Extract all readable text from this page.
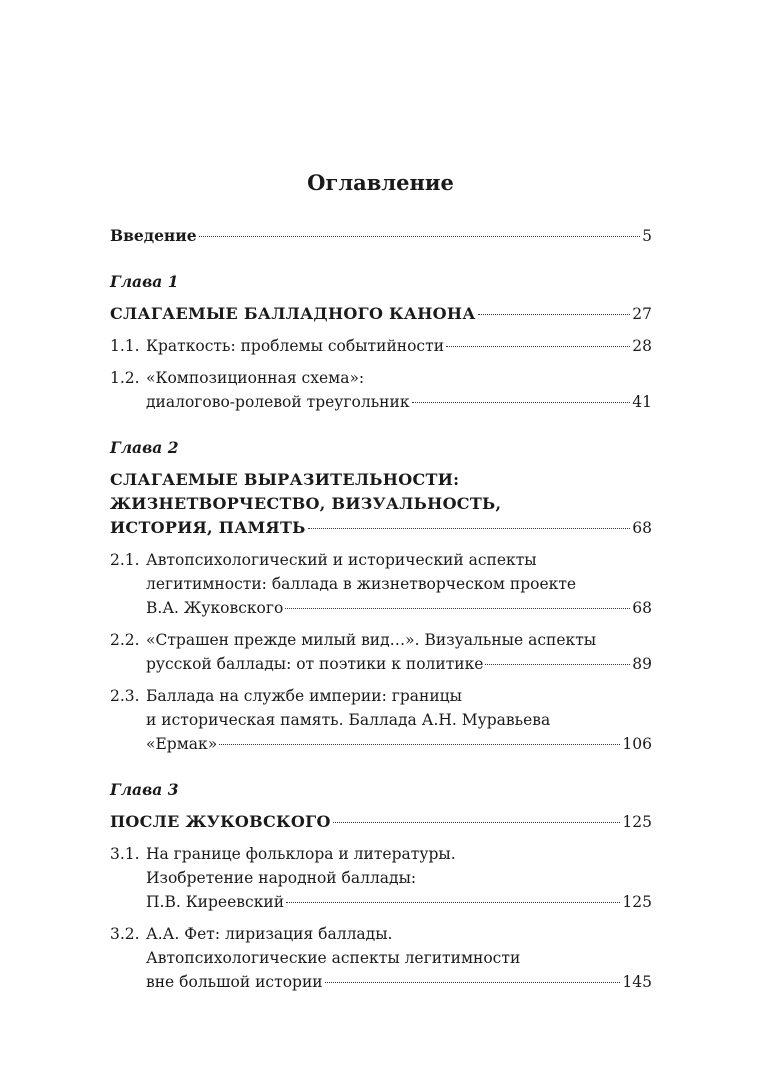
Оглавление
Введение	5
Глава 1
СЛАГАЕМЫЕ БАЛЛАДНОГО КАНОНА	27
1.1. Краткость: проблемы событийности	28
1.2. «Композиционная схема»:
диалогово-ролевой треугольник	41
Глава 2
СЛАГАЕМЫЕ ВЫРАЗИТЕЛЬНОСТИ:
ЖИЗНЕТВОРЧЕСТВО, ВИЗУАЛЬНОСТЬ,
ИСТОРИЯ, ПАМЯТЬ	68
2.1. Автопсихологический и исторический аспекты
легитимности: баллада в жизнетворческом проекте
В.А. Жуковского	68
2.2. «Страшен прежде милый вид…». Визуальные аспекты
русской баллады: от поэтики к политике	89
2.3. Баллада на службе империи: границы
и историческая память. Баллада А.Н. Муравьева
«Ермак»	106
Глава 3
ПОСЛЕ ЖУКОВСКОГО	125
3.1. На границе фольклора и литературы.
Изобретение народной баллады:
П.В. Киреевский	125
3.2. А.А. Фет: лиризация баллады.
Автопсихологические аспекты легитимности
вне большой истории	145
